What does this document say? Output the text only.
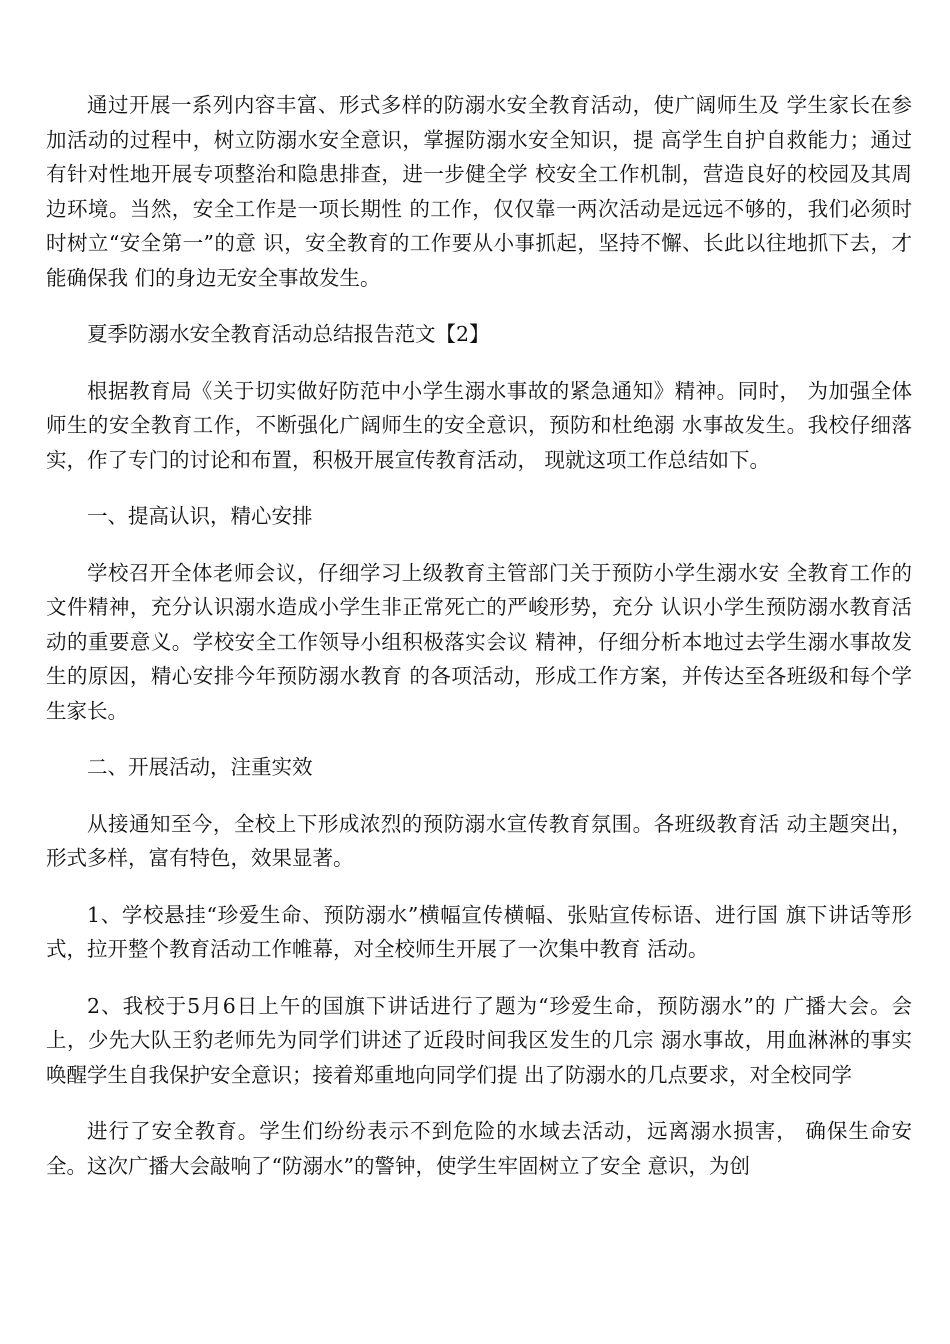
通过开展一系列内容丰富、形式多样的防溺水安全教育活动，使广阔师生及 学生家长在参加活动的过程中，树立防溺水安全意识，掌握防溺水安全知识，提 高学生自护自救能力；通过有针对性地开展专项整治和隐患排查，进一步健全学 校安全工作机制，营造良好的校园及其周边环境。当然，安全工作是一项长期性 的工作，仅仅靠一两次活动是远远不够的，我们必须时时树立“安全第一”的意 识，安全教育的工作要从小事抓起，坚持不懈、长此以往地抓下去，才能确保我 们的身边无安全事故发生。

夏季防溺水安全教育活动总结报告范文【2】

根据教育局《关于切实做好防范中小学生溺水事故的紧急通知》精神。同时， 为加强全体师生的安全教育工作，不断强化广阔师生的安全意识，预防和杜绝溺 水事故发生。我校仔细落实，作了专门的讨论和布置，积极开展宣传教育活动， 现就这项工作总结如下。

一、提高认识，精心安排

学校召开全体老师会议，仔细学习上级教育主管部门关于预防小学生溺水安 全教育工作的文件精神，充分认识溺水造成小学生非正常死亡的严峻形势，充分 认识小学生预防溺水教育活动的重要意义。学校安全工作领导小组积极落实会议 精神，仔细分析本地过去学生溺水事故发生的原因，精心安排今年预防溺水教育 的各项活动，形成工作方案，并传达至各班级和每个学生家长。

二、开展活动，注重实效

从接通知至今，全校上下形成浓烈的预防溺水宣传教育氛围。各班级教育活 动主题突出，形式多样，富有特色，效果显著。

1、学校悬挂“珍爱生命、预防溺水”横幅宣传横幅、张贴宣传标语、进行国 旗下讲话等形式，拉开整个教育活动工作帷幕，对全校师生开展了一次集中教育 活动。

2、我校于5月6日上午的国旗下讲话进行了题为“珍爱生命，预防溺水”的 广播大会。会上，少先大队王豹老师先为同学们讲述了近段时间我区发生的几宗 溺水事故，用血淋淋的事实唤醒学生自我保护安全意识；接着郑重地向同学们提 出了防溺水的几点要求，对全校同学

进行了安全教育。学生们纷纷表示不到危险的水域去活动，远离溺水损害， 确保生命安全。这次广播大会敲响了“防溺水”的警钟，使学生牢固树立了安全 意识，为创
